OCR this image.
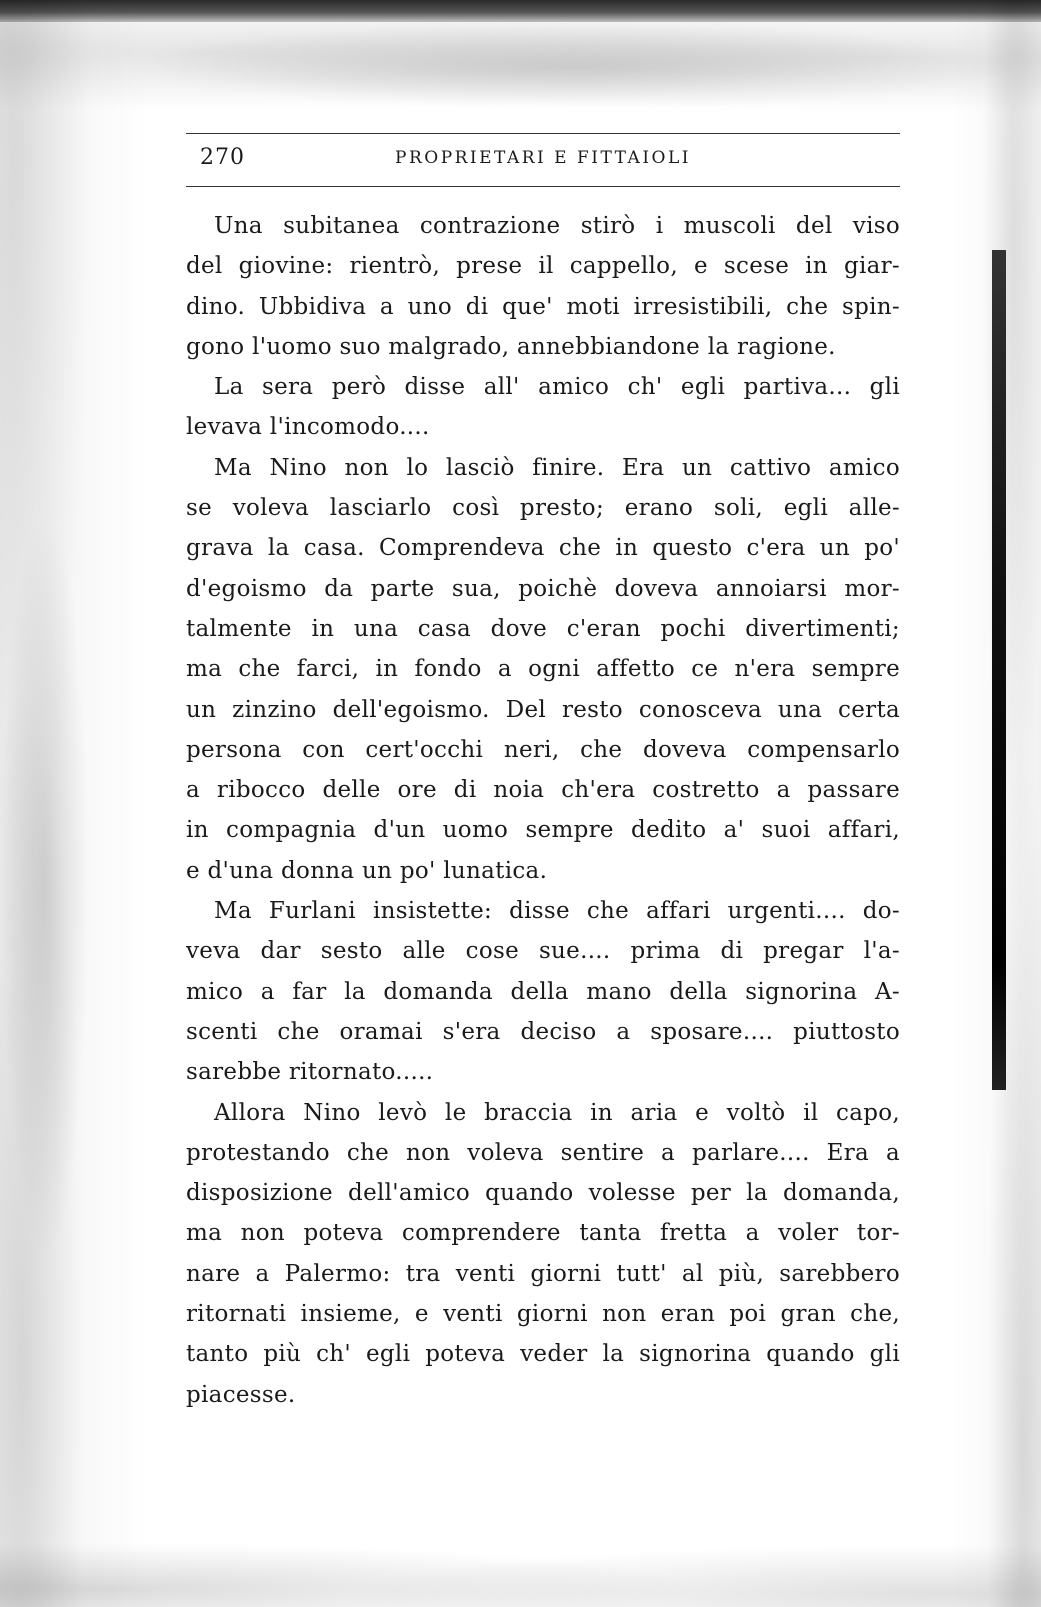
270	PROPRIETARI E FITTAIOLI
Una subitanea contrazione stirò i muscoli del viso
del giovine: rientrò, prese il cappello, e scese in giar-
dino. Ubbidiva a uno di que' moti irresistibili, che spin-
gono l'uomo suo malgrado, annebbiandone la ragione.
La sera però disse all' amico ch' egli partiva... gli
levava l'incomodo....
Ma Nino non lo lasciò finire. Era un cattivo amico
se voleva lasciarlo così presto; erano soli, egli alle-
grava la casa. Comprendeva che in questo c'era un po'
d'egoismo da parte sua, poichè doveva annoiarsi mor-
talmente in una casa dove c'eran pochi divertimenti;
ma che farci, in fondo a ogni affetto ce n'era sempre
un zinzino dell'egoismo. Del resto conosceva una certa
persona con cert'occhi neri, che doveva compensarlo
a ribocco delle ore di noia ch'era costretto a passare
in compagnia d'un uomo sempre dedito a' suoi affari,
e d'una donna un po' lunatica.
Ma Furlani insistette: disse che affari urgenti.... do-
veva dar sesto alle cose sue.... prima di pregar l'a-
mico a far la domanda della mano della signorina A-
scenti che oramai s'era deciso a sposare.... piuttosto
sarebbe ritornato.....
Allora Nino levò le braccia in aria e voltò il capo,
protestando che non voleva sentire a parlare.... Era a
disposizione dell'amico quando volesse per la domanda,
ma non poteva comprendere tanta fretta a voler tor-
nare a Palermo: tra venti giorni tutt' al più, sarebbero
ritornati insieme, e venti giorni non eran poi gran che,
tanto più ch' egli poteva veder la signorina quando gli
piacesse.
